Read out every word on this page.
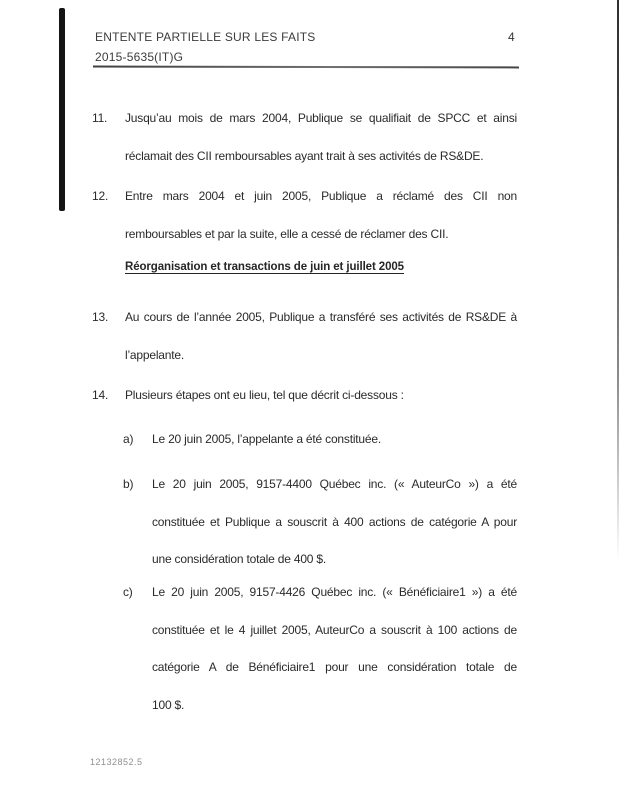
ENTENTE PARTIELLE SUR LES FAITS	4
2015-5635(IT)G
11. Jusqu’au mois de mars 2004, Publique se qualifiait de SPCC et ainsi
réclamait des CII remboursables ayant trait à ses activités de RS&DE.
12. Entre mars 2004 et juin 2005, Publique a réclamé des CII non
remboursables et par la suite, elle a cessé de réclamer des CII.
Réorganisation et transactions de juin et juillet 2005
13. Au cours de l’année 2005, Publique a transféré ses activités de RS&DE à
l’appelante.
14. Plusieurs étapes ont eu lieu, tel que décrit ci-dessous :
a) Le 20 juin 2005, l’appelante a été constituée.
b) Le 20 juin 2005, 9157-4400 Québec inc. (« AuteurCo ») a été
constituée et Publique a souscrit à 400 actions de catégorie A pour
une considération totale de 400 $.
c) Le 20 juin 2005, 9157-4426 Québec inc. (« Bénéficiaire1 ») a été
constituée et le 4 juillet 2005, AuteurCo a souscrit à 100 actions de
catégorie A de Bénéficiaire1 pour une considération totale de
100 $.
12132852.5
